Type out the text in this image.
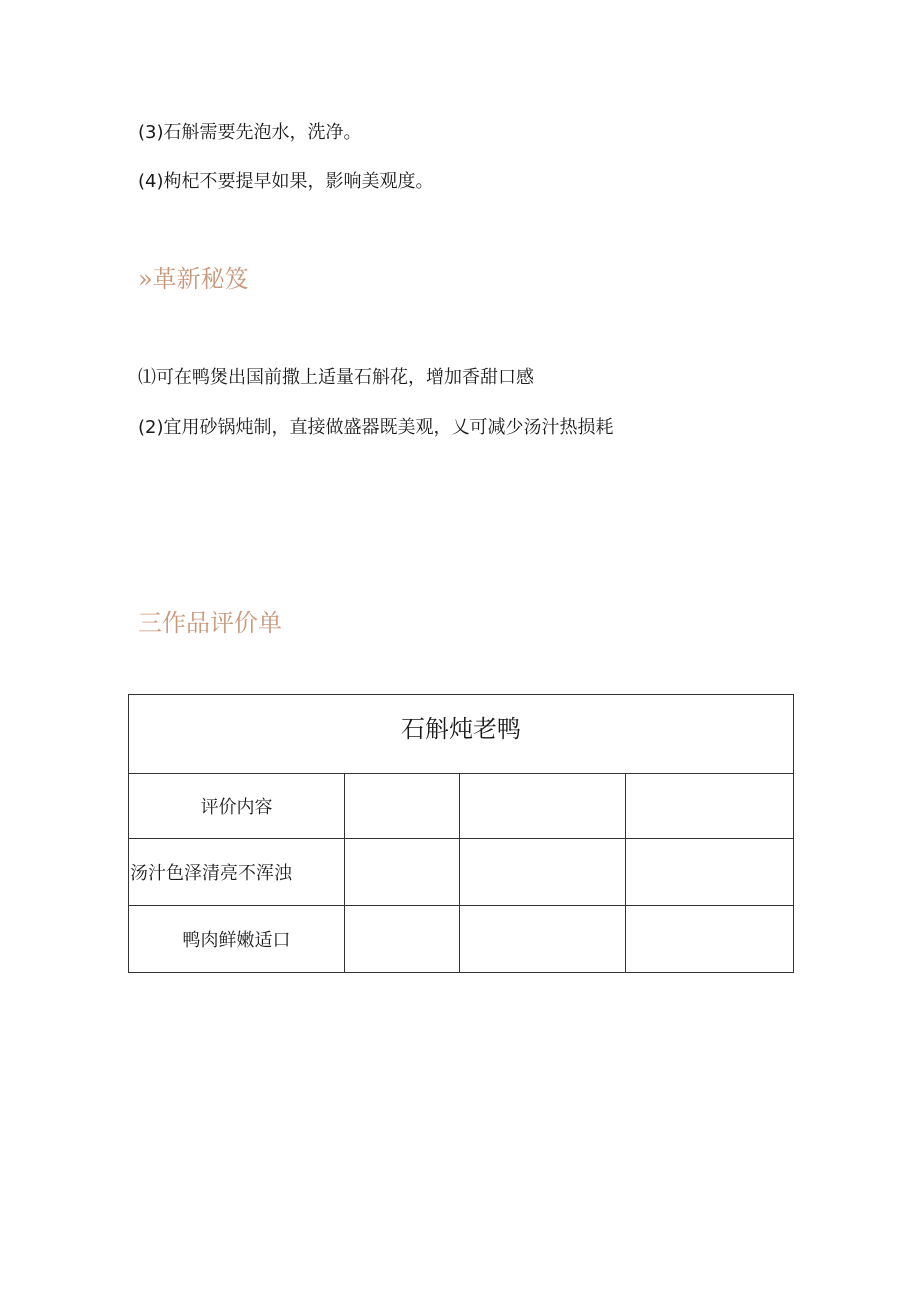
(3)石斛需要先泡水，洗净。
(4)枸杞不要提早如果，影响美观度。
»革新秘笈
⑴可在鸭煲出国前撒上适量石斛花，增加香甜口感
(2)宜用砂锅炖制，直接做盛器既美观，乂可减少汤汁热损耗
三作品评价单
石斛炖老鸭			
评价内容			
汤汁色泽清亮不浑浊			
鸭肉鲜嫩适口			
